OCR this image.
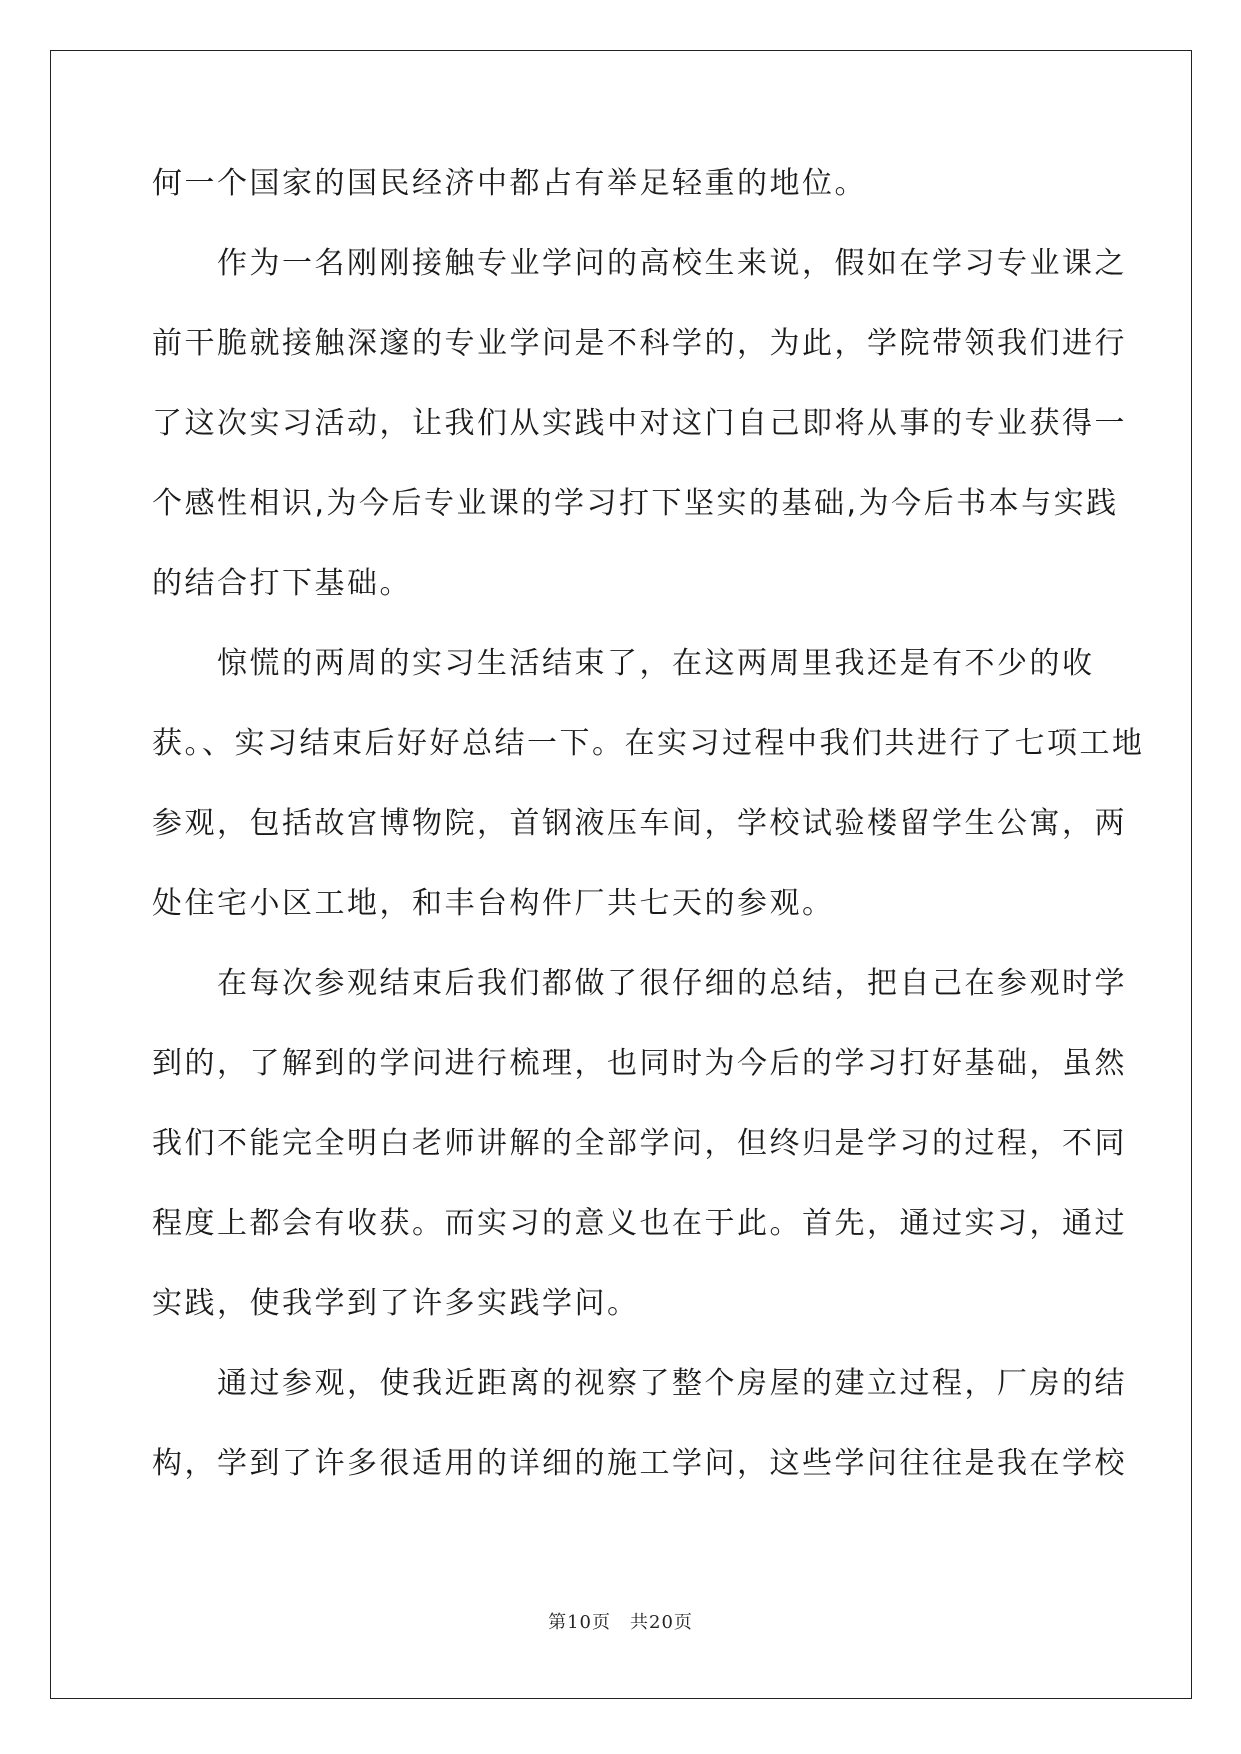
何一个国家的国民经济中都占有举足轻重的地位。
　　作为一名刚刚接触专业学问的高校生来说，假如在学习专业课之
前干脆就接触深邃的专业学问是不科学的，为此，学院带领我们进行
了这次实习活动，让我们从实践中对这门自己即将从事的专业获得一
个感性相识,为今后专业课的学习打下坚实的基础,为今后书本与实践
的结合打下基础。
　　惊慌的两周的实习生活结束了，在这两周里我还是有不少的收
获。、实习结束后好好总结一下。在实习过程中我们共进行了七项工地
参观，包括故宫博物院，首钢液压车间，学校试验楼留学生公寓，两
处住宅小区工地，和丰台构件厂共七天的参观。
　　在每次参观结束后我们都做了很仔细的总结，把自己在参观时学
到的，了解到的学问进行梳理，也同时为今后的学习打好基础，虽然
我们不能完全明白老师讲解的全部学问，但终归是学习的过程，不同
程度上都会有收获。而实习的意义也在于此。首先，通过实习，通过
实践，使我学到了许多实践学问。
　　通过参观，使我近距离的视察了整个房屋的建立过程，厂房的结
构，学到了许多很适用的详细的施工学问，这些学问往往是我在学校
第10页　共20页
